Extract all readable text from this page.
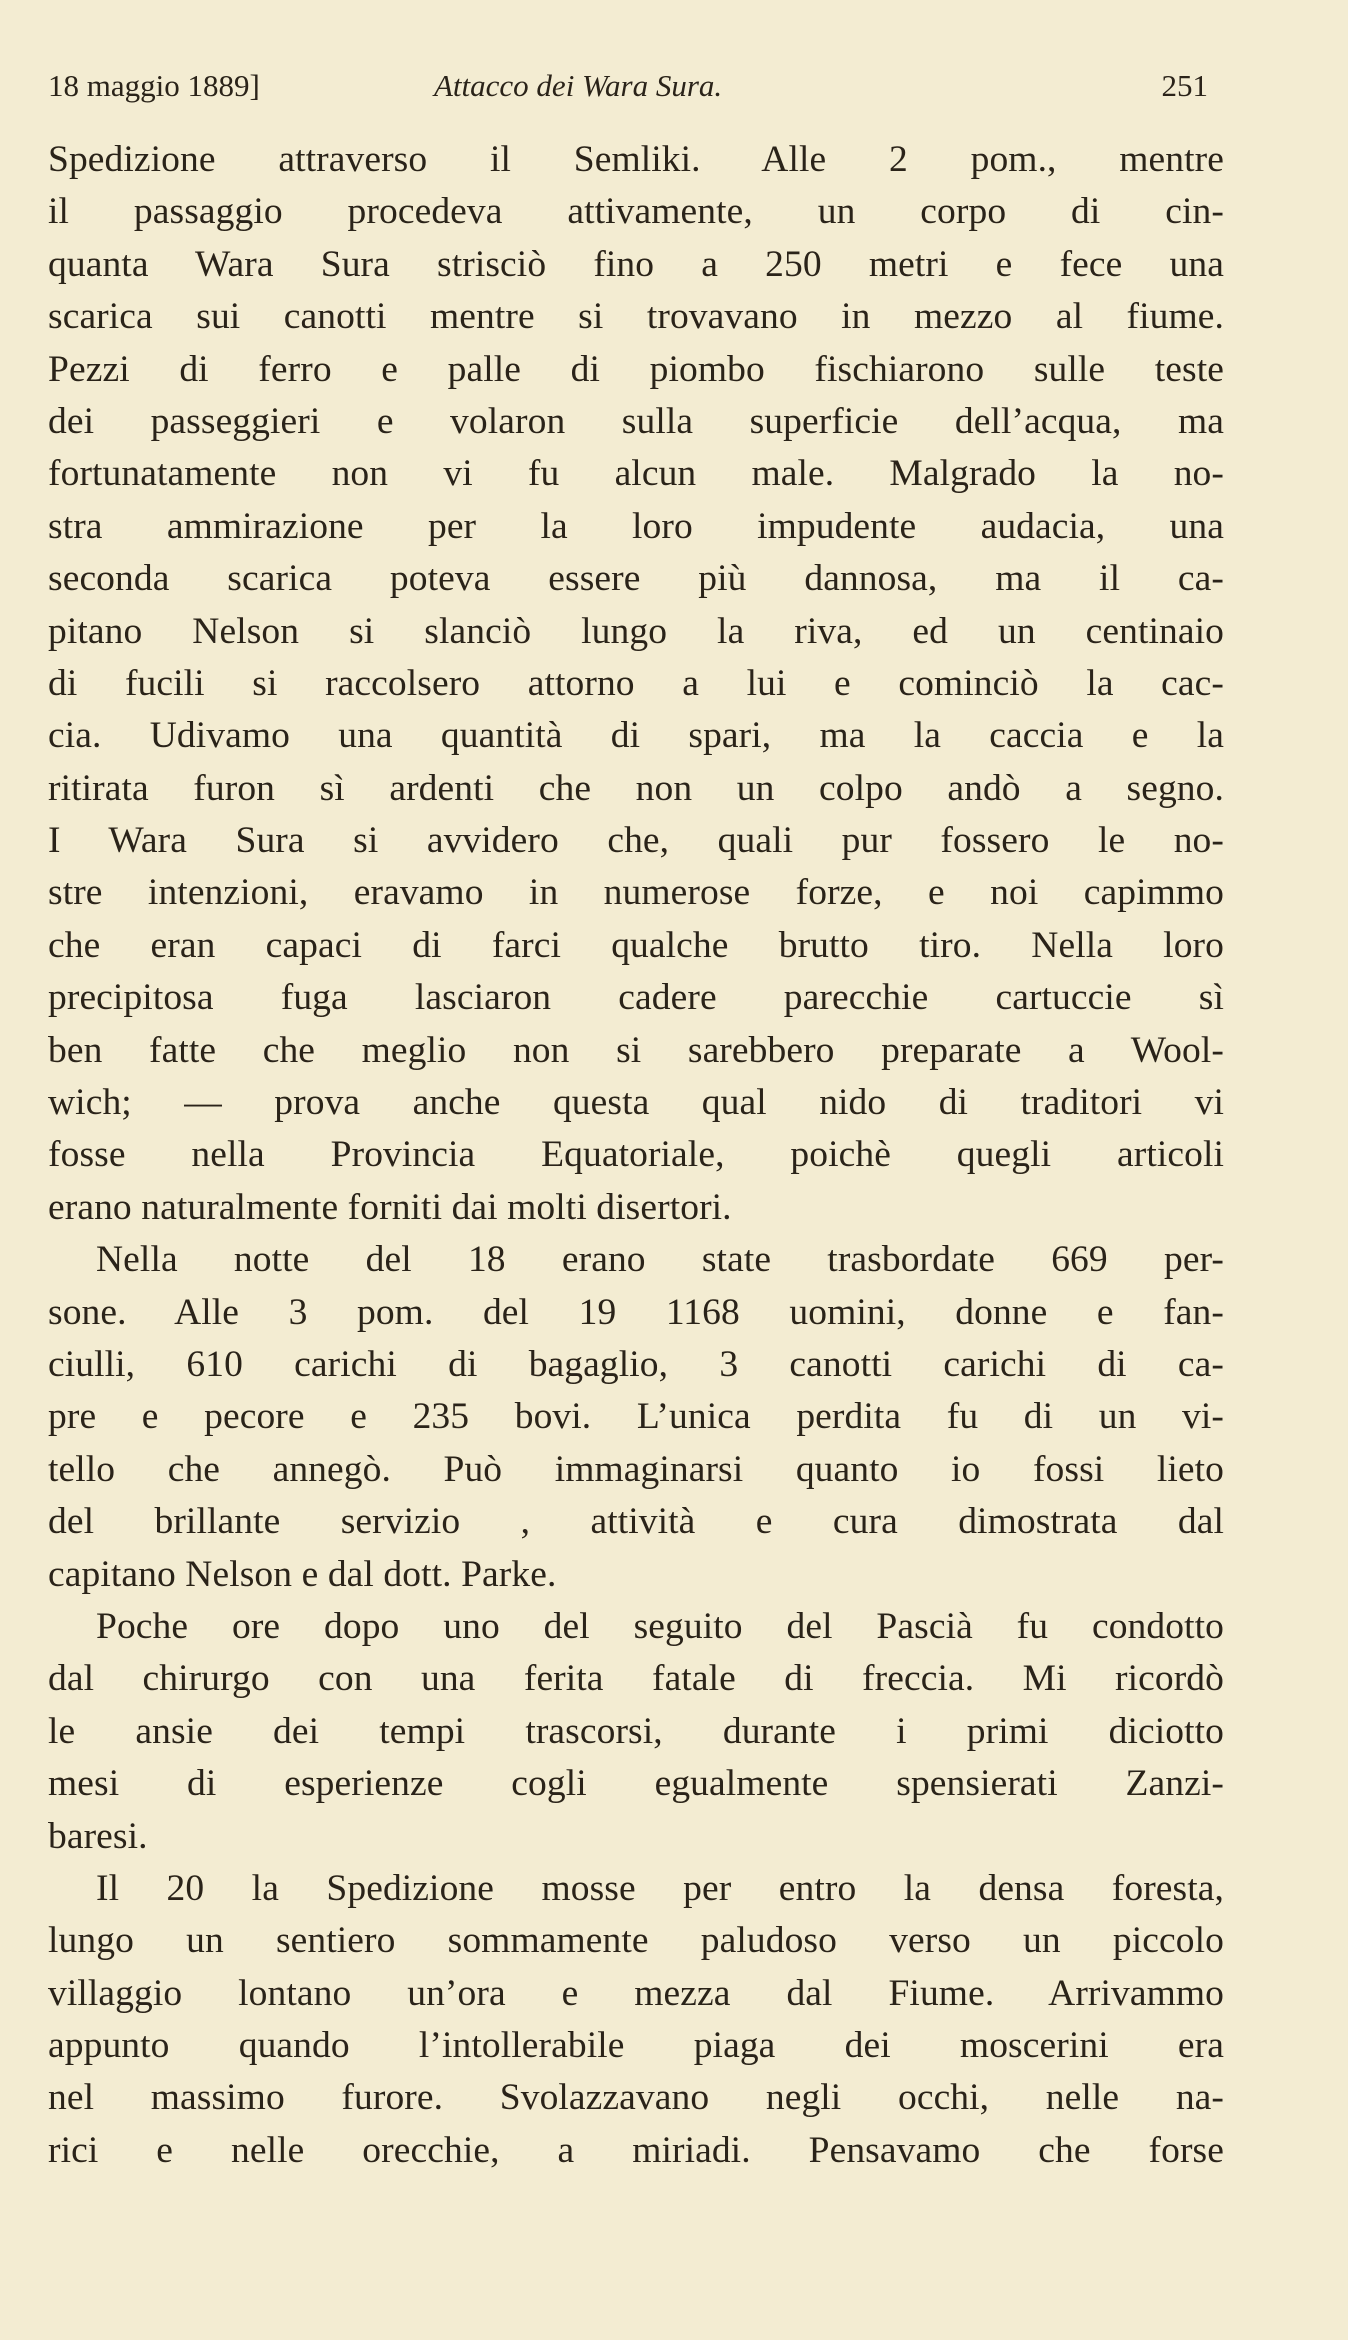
18 maggio 1889]	Attacco dei Wara Sura.	251
Spedizione attraverso il Semliki. Alle 2 pom., mentre
il passaggio procedeva attivamente, un corpo di cin-
quanta Wara Sura strisciò fino a 250 metri e fece una
scarica sui canotti mentre si trovavano in mezzo al fiume.
Pezzi di ferro e palle di piombo fischiarono sulle teste
dei passeggieri e volaron sulla superficie dell’acqua, ma
fortunatamente non vi fu alcun male. Malgrado la no-
stra ammirazione per la loro impudente audacia, una
seconda scarica poteva essere più dannosa, ma il ca-
pitano Nelson si slanciò lungo la riva, ed un centinaio
di fucili si raccolsero attorno a lui e cominciò la cac-
cia. Udivamo una quantità di spari, ma la caccia e la
ritirata furon sì ardenti che non un colpo andò a segno.
I Wara Sura si avvidero che, quali pur fossero le no-
stre intenzioni, eravamo in numerose forze, e noi capimmo
che eran capaci di farci qualche brutto tiro. Nella loro
precipitosa fuga lasciaron cadere parecchie cartuccie sì
ben fatte che meglio non si sarebbero preparate a Wool-
wich; — prova anche questa qual nido di traditori vi
fosse nella Provincia Equatoriale, poichè quegli articoli
erano naturalmente forniti dai molti disertori.
Nella notte del 18 erano state trasbordate 669 per-
sone. Alle 3 pom. del 19 1168 uomini, donne e fan-
ciulli, 610 carichi di bagaglio, 3 canotti carichi di ca-
pre e pecore e 235 bovi. L’unica perdita fu di un vi-
tello che annegò. Può immaginarsi quanto io fossi lieto
del brillante servizio , attività e cura dimostrata dal
capitano Nelson e dal dott. Parke.
Poche ore dopo uno del seguito del Pascià fu condotto
dal chirurgo con una ferita fatale di freccia. Mi ricordò
le ansie dei tempi trascorsi, durante i primi diciotto
mesi di esperienze cogli egualmente spensierati Zanzi-
baresi.
Il 20 la Spedizione mosse per entro la densa foresta,
lungo un sentiero sommamente paludoso verso un piccolo
villaggio lontano un’ora e mezza dal Fiume. Arrivammo
appunto quando l’intollerabile piaga dei moscerini era
nel massimo furore. Svolazzavano negli occhi, nelle na-
rici e nelle orecchie, a miriadi. Pensavamo che forse
